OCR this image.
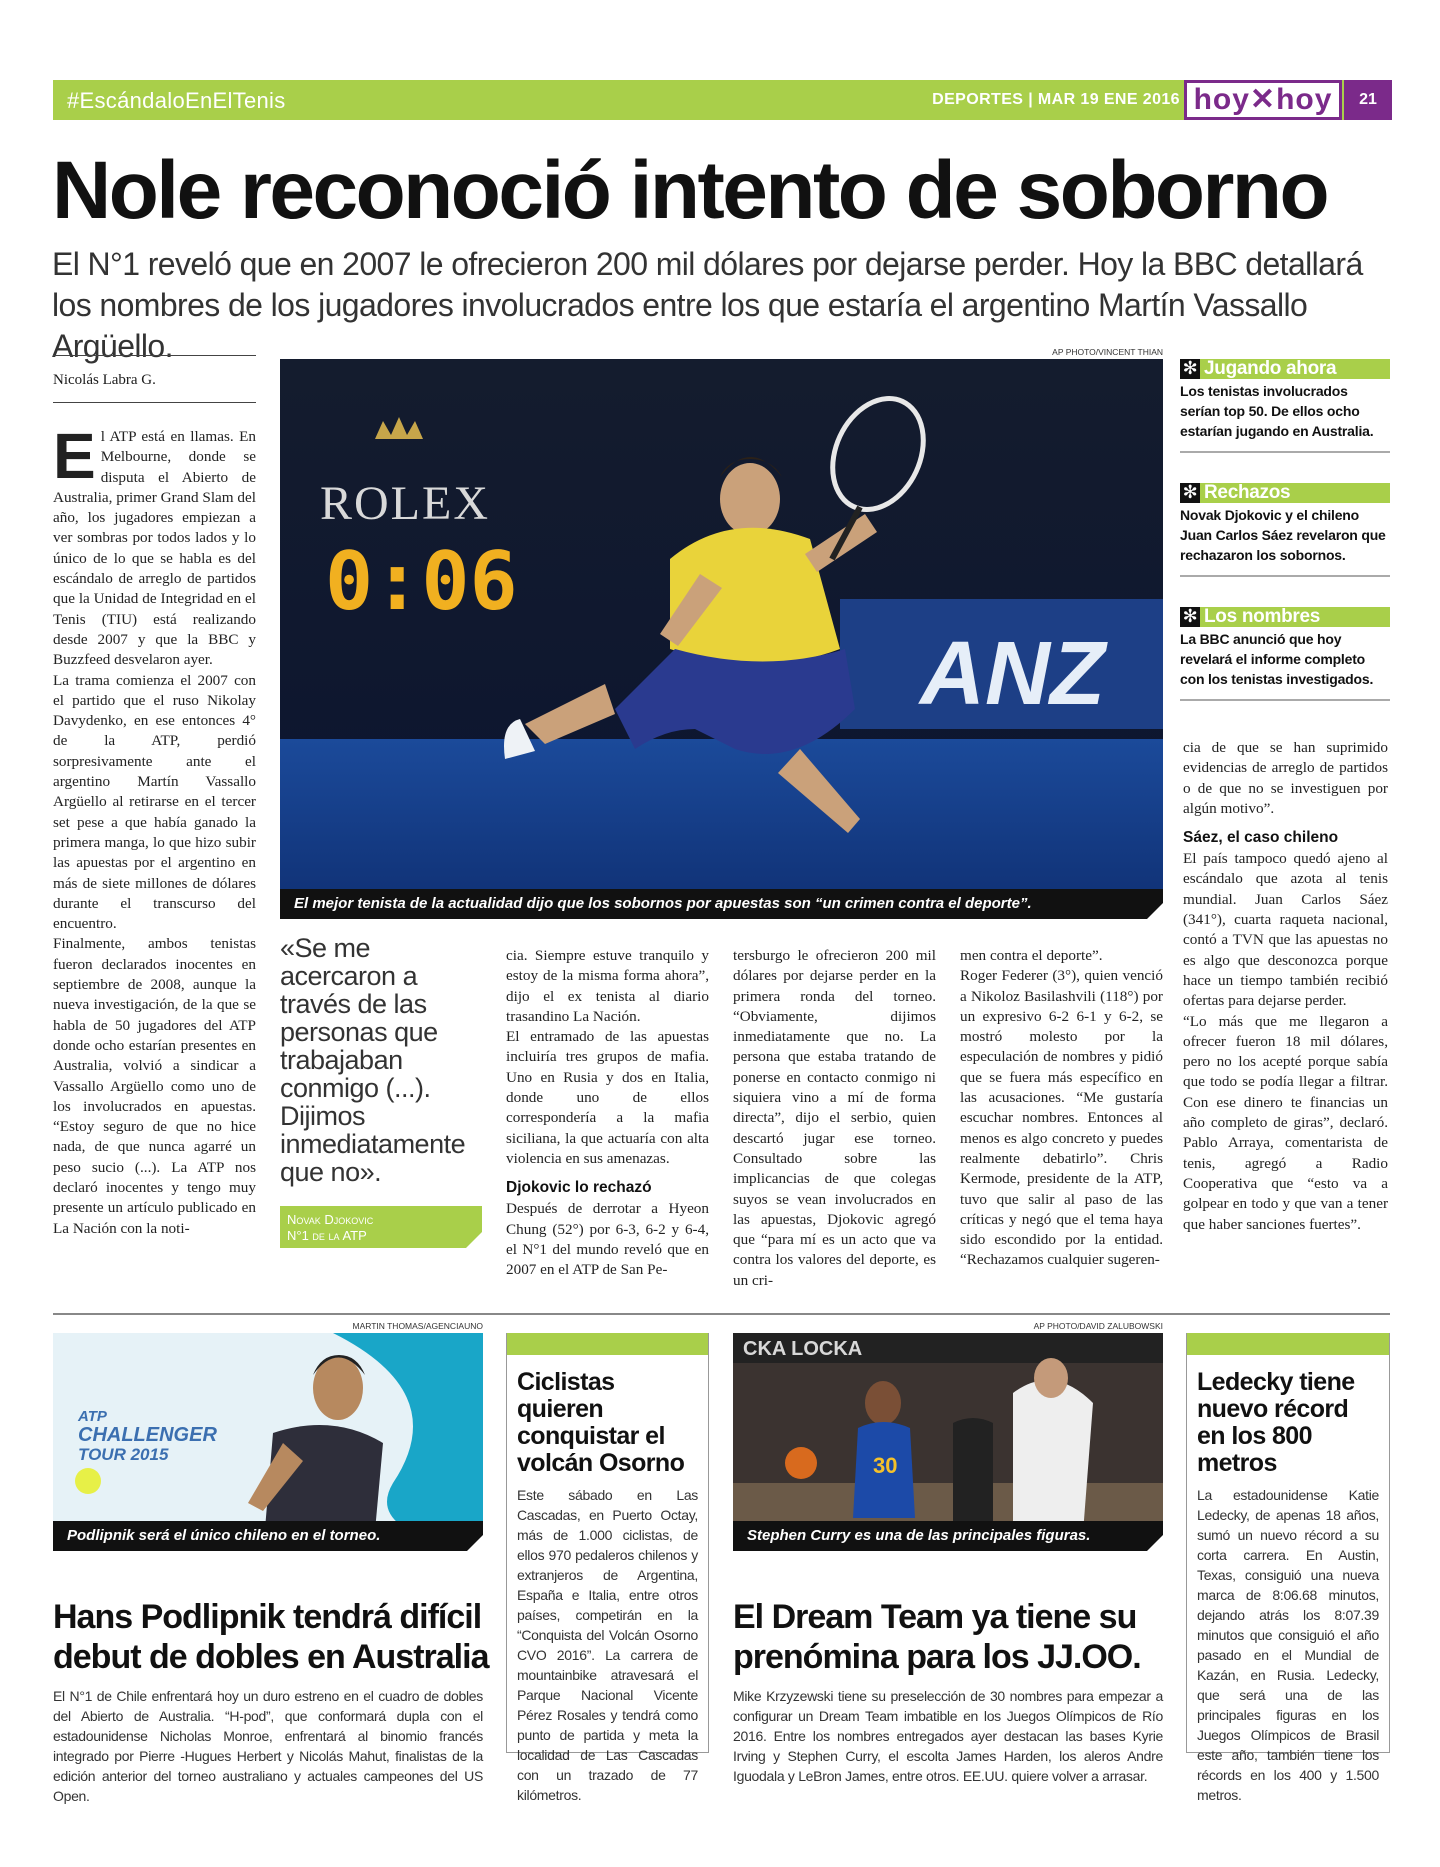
#EscándaloEnElTenis	DEPORTES | MAR 19 ENE 2016 hoy✕hoy	21
Nole reconoció intento de soborno

El N°1 reveló que en 2007 le ofrecieron 200 mil dólares por dejarse perder. Hoy la BBC detallará los nombres de los jugadores involucrados entre los que estaría el argentino Martín Vassallo Argüello.

Nicolás Labra G.

El ATP está en llamas. En Melbourne, donde se disputa el Abierto de Australia, primer Grand Slam del año, los jugadores empiezan a ver sombras por todos lados y lo único de lo que se habla es del escándalo de arreglo de partidos que la Unidad de Integridad en el Tenis (TIU) está realizando desde 2007 y que la BBC y Buzzfeed desvelaron ayer.

La trama comienza el 2007 con el partido que el ruso Nikolay Davydenko, en ese entonces 4° de la ATP, perdió sorpresivamente ante el argentino Martín Vassallo Argüello al retirarse en el tercer set pese a que había ganado la primera manga, lo que hizo subir las apuestas por el argentino en más de siete millones de dólares durante el transcurso del encuentro.

Finalmente, ambos tenistas fueron declarados inocentes en septiembre de 2008, aunque la nueva investigación, de la que se habla de 50 jugadores del ATP donde ocho estarían presentes en Australia, volvió a sindicar a Vassallo Argüello como uno de los involucrados en apuestas. “Estoy seguro de que no hice nada, de que nunca agarré un peso sucio (...). La ATP nos declaró inocentes y tengo muy presente un artículo publicado en La Nación con la noti-

AP PHOTO/VINCENT THIAN
ANZ
ROLEX
0:06
El mejor tenista de la actualidad dijo que los sobornos por apuestas son “un crimen contra el deporte”.
✻ Jugando ahora
Los tenistas involucrados serían top 50. De ellos ocho estarían jugando en Australia.
✻ Rechazos
Novak Djokovic y el chileno Juan Carlos Sáez revelaron que rechazaron los sobornos.
✻ Los nombres
La BBC anunció que hoy revelará el informe completo con los tenistas investigados.

cia de que se han suprimido evidencias de arreglo de partidos o de que no se investiguen por algún motivo”.

Sáez, el caso chileno

El país tampoco quedó ajeno al escándalo que azota al tenis mundial. Juan Carlos Sáez (341°), cuarta raqueta nacional, contó a TVN que las apuestas no es algo que desconozca porque hace un tiempo también recibió ofertas para dejarse perder.

“Lo más que me llegaron a ofrecer fueron 18 mil dólares, pero no los acepté porque sabía que todo se podía llegar a filtrar. Con ese dinero te financias un año completo de giras”, declaró. Pablo Arraya, comentarista de tenis, agregó a Radio Cooperativa que “esto va a golpear en todo y que van a tener que haber sanciones fuertes”.

«Se me acercaron a través de las personas que trabajaban conmigo (...). Dijimos inmediatamente que no».
Novak Djokovic
N°1 de la ATP

cia. Siempre estuve tranquilo y estoy de la misma forma ahora”, dijo el ex tenista al diario trasandino La Nación.

El entramado de las apuestas incluiría tres grupos de mafia. Uno en Rusia y dos en Italia, donde uno de ellos correspondería a la mafia siciliana, la que actuaría con alta violencia en sus amenazas.

Djokovic lo rechazó

Después de derrotar a Hyeon Chung (52°) por 6-3, 6-2 y 6-4, el N°1 del mundo reveló que en 2007 en el ATP de San Pe-

tersburgo le ofrecieron 200 mil dólares por dejarse perder en la primera ronda del torneo. “Obviamente, dijimos inmediatamente que no. La persona que estaba tratando de ponerse en contacto conmigo ni siquiera vino a mí de forma directa”, dijo el serbio, quien descartó jugar ese torneo. Consultado sobre las implicancias de que colegas suyos se vean involucrados en las apuestas, Djokovic agregó que “para mí es un acto que va contra los valores del deporte, es un cri-

men contra el deporte”.

Roger Federer (3°), quien venció a Nikoloz Basilashvili (118°) por un expresivo 6-2 6-1 y 6-2, se mostró molesto por la especulación de nombres y pidió que se fuera más específico en las acusaciones. “Me gustaría escuchar nombres. Entonces al menos es algo concreto y puedes realmente debatirlo”. Chris Kermode, presidente de la ATP, tuvo que salir al paso de las críticas y negó que el tema haya sido escondido por la entidad. “Rechazamos cualquier sugeren-

MARTIN THOMAS/AGENCIAUNO
ATP
CHALLENGER
TOUR 2015
Podlipnik será el único chileno en el torneo.
Hans Podlipnik tendrá difícil debut de dobles en Australia

El N°1 de Chile enfrentará hoy un duro estreno en el cuadro de dobles del Abierto de Australia. “H-pod”, que conformará dupla con el estadounidense Nicholas Monroe, enfrentará al binomio francés integrado por Pierre -Hugues Herbert y Nicolás Mahut, finalistas de la edición anterior del torneo australiano y actuales campeones del US Open.

Ciclistas quieren conquistar el volcán Osorno

Este sábado en Las Cascadas, en Puerto Octay, más de 1.000 ciclistas, de ellos 970 pedaleros chilenos y extranjeros de Argentina, España e Italia, entre otros países, competirán en la “Conquista del Volcán Osorno CVO 2016”. La carrera de mountainbike atravesará el Parque Nacional Vicente Pérez Rosales y tendrá como punto de partida y meta la localidad de Las Cascadas con un trazado de 77 kilómetros.

AP PHOTO/DAVID ZALUBOWSKI
CKA LOCKA
30
Stephen Curry es una de las principales figuras.
El Dream Team ya tiene su prenómina para los JJ.OO.

Mike Krzyzewski tiene su preselección de 30 nombres para empezar a configurar un Dream Team imbatible en los Juegos Olímpicos de Río 2016. Entre los nombres entregados ayer destacan las bases Kyrie Irving y Stephen Curry, el escolta James Harden, los aleros Andre Iguodala y LeBron James, entre otros. EE.UU. quiere volver a arrasar.

Ledecky tiene nuevo récord en los 800 metros

La estadounidense Katie Ledecky, de apenas 18 años, sumó un nuevo récord a su corta carrera. En Austin, Texas, consiguió una nueva marca de 8:06.68 minutos, dejando atrás los 8:07.39 minutos que consiguió el año pasado en el Mundial de Kazán, en Rusia. Ledecky, que será una de las principales figuras en los Juegos Olímpicos de Brasil este año, también tiene los récords en los 400 y 1.500 metros.
